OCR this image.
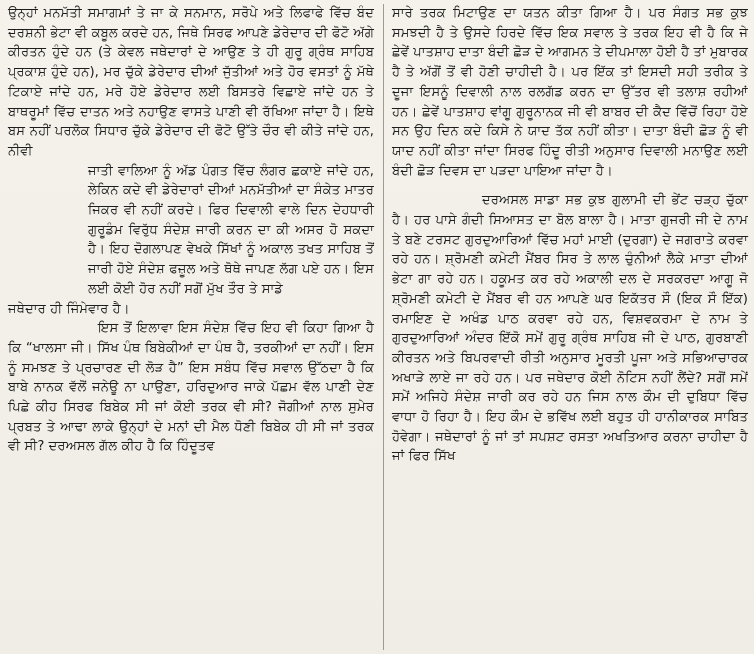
ਉਨ੍ਹਾਂ ਮਨਮੱਤੀ ਸਮਾਗਮਾਂ ਤੇ ਜਾ ਕੇ ਸਨਮਾਨ, ਸਰੋਪੇ ਅਤੇ ਲਿਫਾਫੇ ਵਿੱਚ ਬੰਦ ਦਰਸ਼ਨੀ ਭੇਟਾ ਵੀ ਕਬੂਲ ਕਰਦੇ ਹਨ, ਜਿਥੇ ਸਿਰਫ ਆਪਣੇ ਡੇਰੇਦਾਰ ਦੀ ਫੋਟੋ ਅੱਗੇ ਕੀਰਤਨ ਹੁੰਦੇ ਹਨ (ਤੇ ਕੇਵਲ ਜਥੇਦਾਰਾਂ ਦੇ ਆਉਣ ਤੇ ਹੀ ਗੁਰੂ ਗ੍ਰੰਥ ਸਾਹਿਬ ਪ੍ਰਕਾਸ਼ ਹੁੰਦੇ ਹਨ), ਮਰ ਚੁੱਕੇ ਡੇਰੇਦਾਰ ਦੀਆਂ ਜੁੱਤੀਆਂ ਅਤੇ ਹੋਰ ਵਸਤਾਂ ਨੂੰ ਮੱਥੇ ਟਿਕਾਏ ਜਾਂਦੇ ਹਨ, ਮਰੇ ਹੋਏ ਡੇਰੇਦਾਰ ਲਈ ਬਿਸਤਰੇ ਵਿਛਾਏ ਜਾਂਦੇ ਹਨ ਤੇ ਬਾਥਰੂਮਾਂ ਵਿੱਚ ਦਾਤਨ ਅਤੇ ਨਹਾਉਣ ਵਾਸਤੇ ਪਾਣੀ ਵੀ ਰੱਖਿਆ ਜਾਂਦਾ ਹੈ। ਇਥੇ ਬਸ ਨਹੀਂ ਪਰਲੋਕ ਸਿਧਾਰ ਚੁੱਕੇ ਡੇਰੇਦਾਰ ਦੀ ਫੋਟੋ ਉੱਤੇ ਚੌਰ ਵੀ ਕੀਤੇ ਜਾਂਦੇ ਹਨ, ਨੀਵੀ

ਜਾਤੀ ਵਾਲਿਆ ਨੂੰ ਅੱਡ ਪੰਗਤ ਵਿੱਚ ਲੰਗਰ ਛਕਾਏ ਜਾਂਦੇ ਹਨ, ਲੇਕਿਨ ਕਦੇ ਵੀ ਡੇਰੇਦਾਰਾਂ ਦੀਆਂ ਮਨਮੱਤੀਆਂ ਦਾ ਸੰਕੇਤ ਮਾਤਰ ਜਿਕਰ ਵੀ ਨਹੀਂ ਕਰਦੇ। ਫਿਰ ਦਿਵਾਲੀ ਵਾਲੇ ਦਿਨ ਦੇਹਧਾਰੀ ਗੁਰੂਡੰਮ ਵਿਰੁੱਧ ਸੰਦੇਸ਼ ਜਾਰੀ ਕਰਨ ਦਾ ਕੀ ਅਸਰ ਹੋ ਸਕਦਾ ਹੈ। ਇਹ ਦੋਗਲਾਪਣ ਵੇਖਕੇ ਸਿੱਖਾਂ ਨੂੰ ਅਕਾਲ ਤਖਤ ਸਾਹਿਬ ਤੋਂ ਜਾਰੀ ਹੋਏ ਸੰਦੇਸ਼ ਫਜ਼ੂਲ ਅਤੇ ਥੋਥੇ ਜਾਪਣ ਲੱਗ ਪਏ ਹਨ। ਇਸ ਲਈ ਕੋਈ ਹੋਰ ਨਹੀਂ ਸਗੋਂ ਮੁੱਖ ਤੌਰ ਤੇ ਸਾਡੇ

ਜਥੇਦਾਰ ਹੀ ਜਿੰਮੇਵਾਰ ਹੈ।

ਇਸ ਤੋਂ ਇਲਾਵਾ ਇਸ ਸੰਦੇਸ਼ ਵਿੱਚ ਇਹ ਵੀ ਕਿਹਾ ਗਿਆ ਹੈ ਕਿ “ਖਾਲਸਾ ਜੀ। ਸਿੱਖ ਪੰਥ ਬਿਬੇਕੀਆਂ ਦਾ ਪੰਥ ਹੈ, ਤਰਕੀਆਂ ਦਾ ਨਹੀਂ। ਇਸ ਨੂੰ ਸਮਝਣ ਤੇ ਪ੍ਰਚਾਰਣ ਦੀ ਲੋੜ ਹੈ” ਇਸ ਸਬੰਧ ਵਿੱਚ ਸਵਾਲ ਉੱਠਦਾ ਹੈ ਕਿ ਬਾਬੇ ਨਾਨਕ ਵੱਲੋਂ ਜਨੇਊ ਨਾ ਪਾਉਣਾ, ਹਰਿਦੁਆਰ ਜਾਕੇ ਪੱਛਮ ਵੱਲ ਪਾਣੀ ਦੇਣ ਪਿਛੇ ਕੀਹ ਸਿਰਫ ਬਿਬੇਕ ਸੀ ਜਾਂ ਕੋਈ ਤਰਕ ਵੀ ਸੀ? ਜੋਗੀਆਂ ਨਾਲ ਸੁਮੇਰ ਪ੍ਰਬਤ ਤੇ ਆਢਾ ਲਾਕੇ ਉਨ੍ਹਾਂ ਦੇ ਮਨਾਂ ਦੀ ਮੈਲ ਧੋਣੀ ਬਿਬੇਕ ਹੀ ਸੀ ਜਾਂ ਤਰਕ ਵੀ ਸੀ? ਦਰਅਸਲ ਗੱਲ ਕੀਹ ਹੈ ਕਿ ਹਿੰਦੂਤਵ

ਸਾਰੇ ਤਰਕ ਮਿਟਾਉਣ ਦਾ ਯਤਨ ਕੀਤਾ ਗਿਆ ਹੈ। ਪਰ ਸੰਗਤ ਸਭ ਕੁਝ ਸਮਝਦੀ ਹੈ ਤੇ ਉਸਦੇ ਹਿਰਦੇ ਵਿੱਚ ਇਕ ਸਵਾਲ ਤੇ ਤਰਕ ਇਹ ਵੀ ਹੈ ਕਿ ਜੇ ਛੇਵੇਂ ਪਾਤਸ਼ਾਹ ਦਾਤਾ ਬੰਦੀ ਛੋੜ ਦੇ ਆਗਮਨ ਤੇ ਦੀਪਮਾਲਾ ਹੋਈ ਹੈ ਤਾਂ ਮੁਬਾਰਕ ਹੈ ਤੇ ਅੱਗੋਂ ਤੋਂ ਵੀ ਹੋਣੀ ਚਾਹੀਦੀ ਹੈ। ਪਰ ਇੱਕ ਤਾਂ ਇਸਦੀ ਸਹੀ ਤਰੀਕ ਤੇ ਦੂਜਾ ਇਸਨੂੰ ਦਿਵਾਲੀ ਨਾਲ ਰਲਗੱਡ ਕਰਨ ਦਾ ਉੱਤਰ ਵੀ ਤਲਾਸ਼ ਰਹੀਆਂ ਹਨ। ਛੇਵੇਂ ਪਾਤਸ਼ਾਹ ਵਾਂਗੂ ਗੁਰੂਨਾਨਕ ਜੀ ਵੀ ਬਾਬਰ ਦੀ ਕੈਦ ਵਿੱਚੋਂ ਰਿਹਾ ਹੋਏ ਸਨ ਉਹ ਦਿਨ ਕਦੇ ਕਿਸੇ ਨੇ ਯਾਦ ਤੱਕ ਨਹੀਂ ਕੀਤਾ। ਦਾਤਾ ਬੰਦੀ ਛੋੜ ਨੂੰ ਵੀ ਯਾਦ ਨਹੀਂ ਕੀਤਾ ਜਾਂਦਾ ਸਿਰਫ ਹਿੰਦੂ ਰੀਤੀ ਅਨੁਸਾਰ ਦਿਵਾਲੀ ਮਨਾਉਣ ਲਈ ਬੰਦੀ ਛੋੜ ਦਿਵਸ ਦਾ ਪੜਦਾ ਪਾਇਆ ਜਾਂਦਾ ਹੈ।

ਦਰਅਸਲ ਸਾਡਾ ਸਭ ਕੁਝ ਗੁਲਾਮੀ ਦੀ ਭੇਂਟ ਚੜ੍ਹ ਚੁੱਕਾ ਹੈ। ਹਰ ਪਾਸੇ ਗੰਦੀ ਸਿਆਸਤ ਦਾ ਬੋਲ ਬਾਲਾ ਹੈ। ਮਾਤਾ ਗੁਜਰੀ ਜੀ ਦੇ ਨਾਮ ਤੇ ਬਣੇ ਟਰਸਟ ਗੁਰਦੁਆਰਿਆਂ ਵਿੱਚ ਮਹਾਂ ਮਾਈ (ਦੁਰਗਾ) ਦੇ ਜਗਰਾਤੇ ਕਰਵਾ ਰਹੇ ਹਨ। ਸ਼੍ਰੋਮਣੀ ਕਮੇਟੀ ਮੈਂਬਰ ਸਿਰ ਤੇ ਲਾਲ ਚੁੰਨੀਆਂ ਲੈਕੇ ਮਾਤਾ ਦੀਆਂ ਭੇਟਾ ਗਾ ਰਹੇ ਹਨ। ਹਕੂਮਤ ਕਰ ਰਹੇ ਅਕਾਲੀ ਦਲ ਦੇ ਸਰਕਰਦਾ ਆਗੂ ਜੋ ਸ਼੍ਰੋਮਣੀ ਕਮੇਟੀ ਦੇ ਮੈਂਬਰ ਵੀ ਹਨ ਆਪਣੇ ਘਰ ਇਕੱਤਰ ਸੌ (ਇਕ ਸੌ ਇੱਕ) ਰਮਾਇਣ ਦੇ ਅਖੰਡ ਪਾਠ ਕਰਵਾ ਰਹੇ ਹਨ, ਵਿਸ਼ਵਕਰਮਾ ਦੇ ਨਾਮ ਤੇ ਗੁਰਦੁਆਰਿਆਂ ਅੰਦਰ ਇੱਕੋ ਸਮੇਂ ਗੁਰੂ ਗ੍ਰੰਥ ਸਾਹਿਬ ਜੀ ਦੇ ਪਾਠ, ਗੁਰਬਾਣੀ ਕੀਰਤਨ ਅਤੇ ਬਿਪਰਵਾਦੀ ਰੀਤੀ ਅਨੁਸਾਰ ਮੂਰਤੀ ਪੂਜਾ ਅਤੇ ਸਭਿਆਚਾਰਕ ਅਖਾੜੇ ਲਾਏ ਜਾ ਰਹੇ ਹਨ। ਪਰ ਜਥੇਦਾਰ ਕੋਈ ਨੋਟਿਸ ਨਹੀਂ ਲੈਂਦੇ? ਸਗੋਂ ਸਮੇਂ ਸਮੇਂ ਅਜਿਹੇ ਸੰਦੇਸ਼ ਜਾਰੀ ਕਰ ਰਹੇ ਹਨ ਜਿਸ ਨਾਲ ਕੌਮ ਦੀ ਦੁਬਿਧਾ ਵਿੱਚ ਵਾਧਾ ਹੋ ਰਿਹਾ ਹੈ। ਇਹ ਕੌਮ ਦੇ ਭਵਿੱਖ ਲਈ ਬਹੁਤ ਹੀ ਹਾਨੀਕਾਰਕ ਸਾਬਿਤ ਹੋਵੇਗਾ। ਜਥੇਦਾਰਾਂ ਨੂੰ ਜਾਂ ਤਾਂ ਸਪਸ਼ਟ ਰਸਤਾ ਅਖਤਿਆਰ ਕਰਨਾ ਚਾਹੀਦਾ ਹੈ ਜਾਂ ਫਿਰ ਸਿੱਖ
